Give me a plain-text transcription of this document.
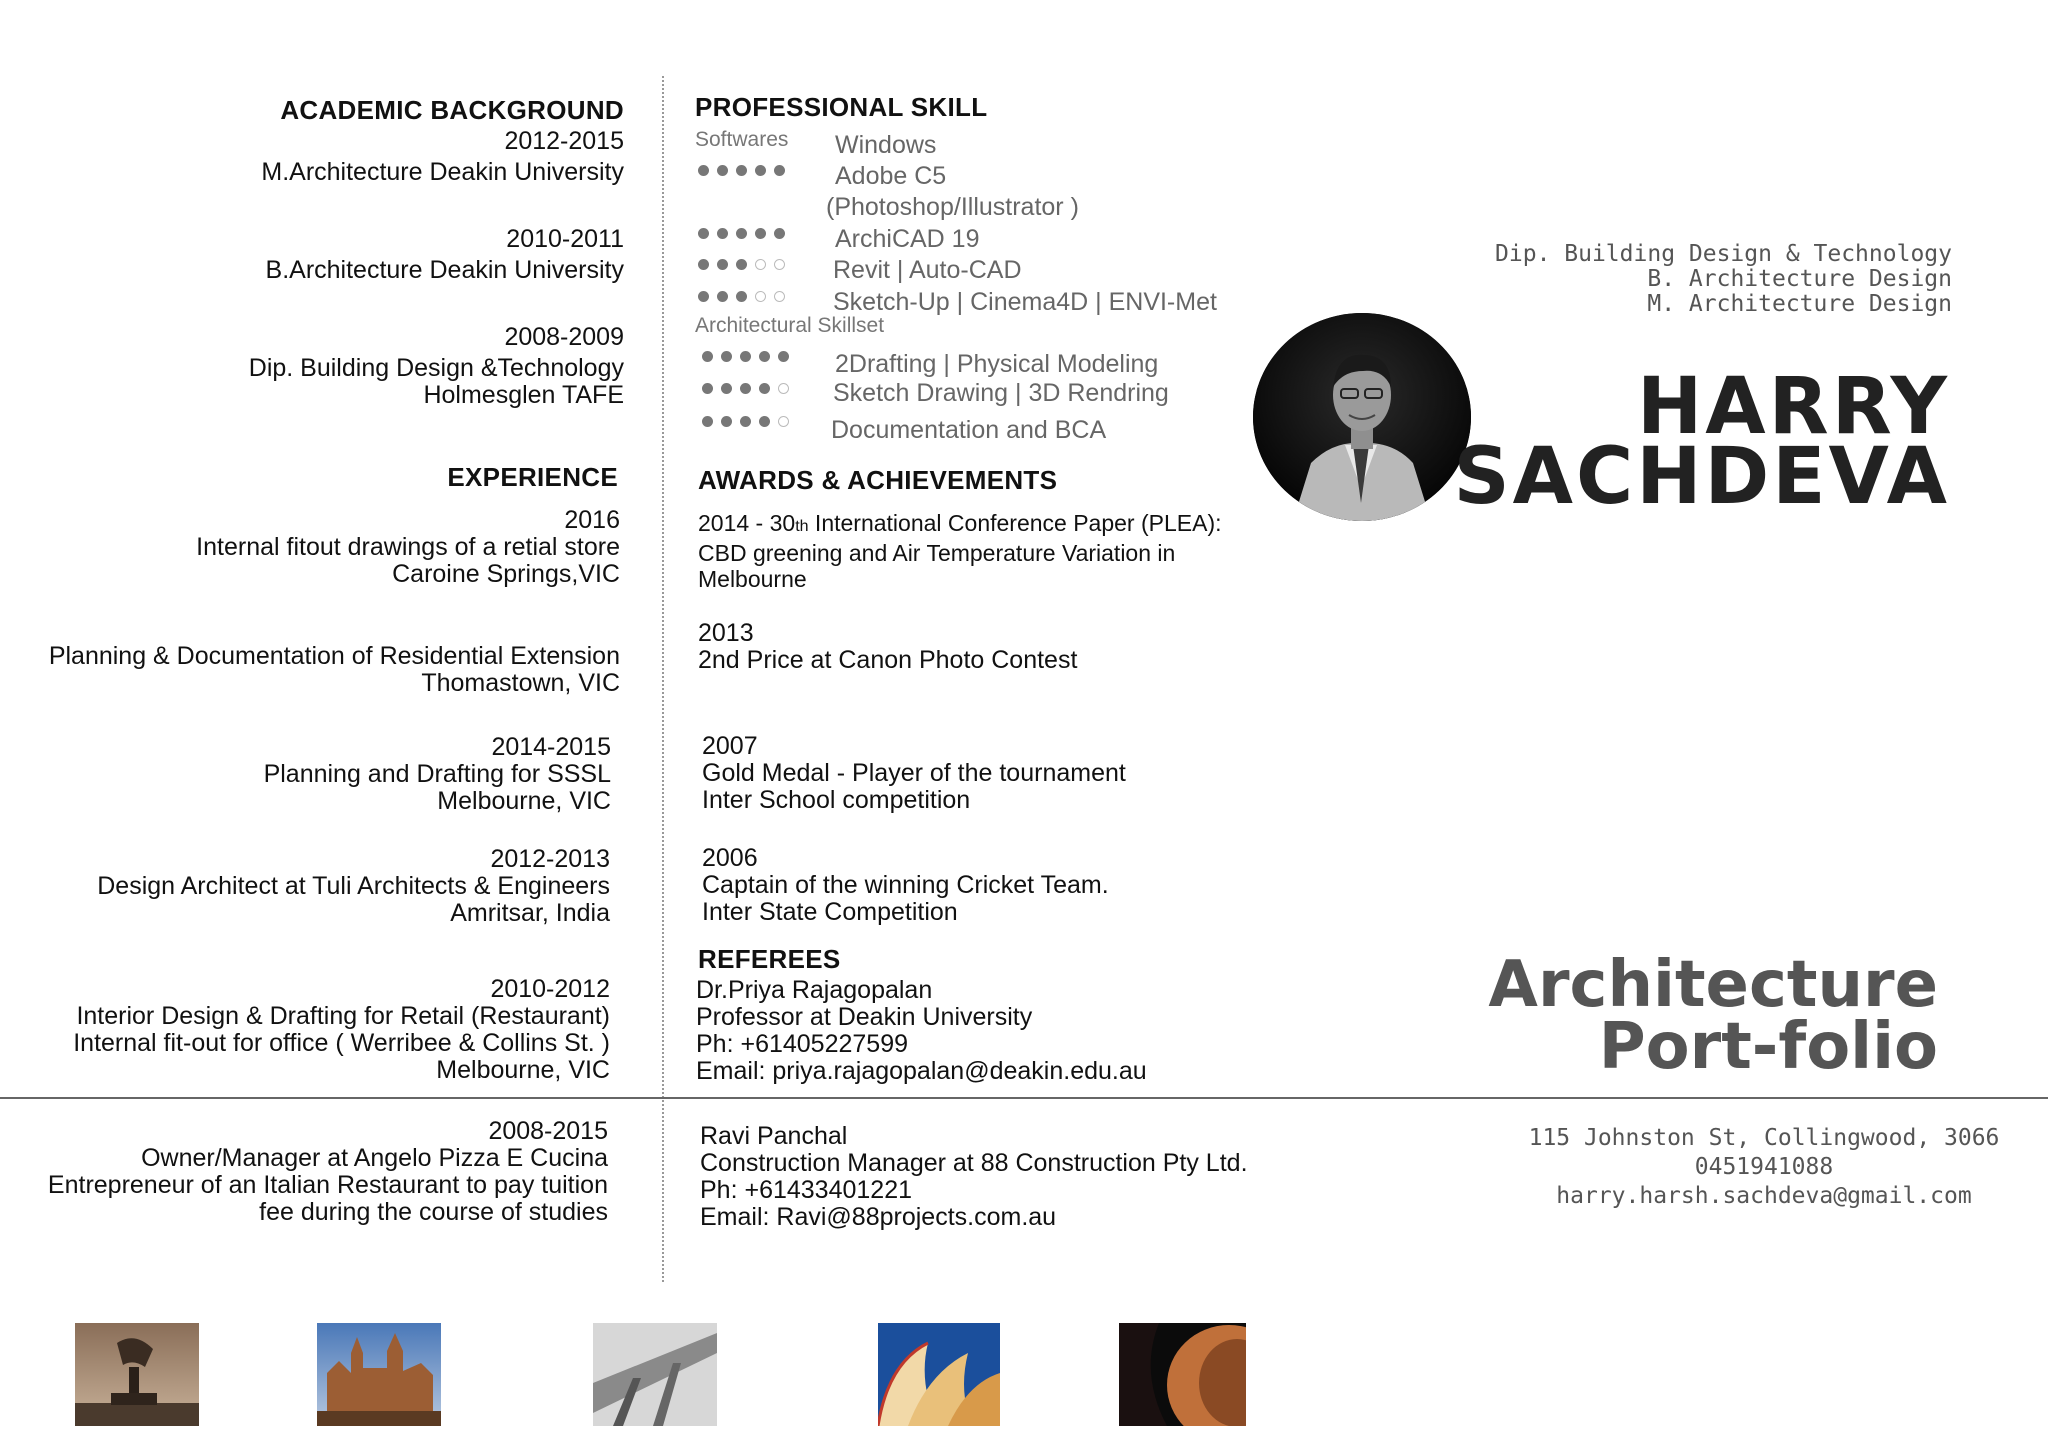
ACADEMIC BACKGROUND
2012-2015
M.Architecture Deakin University
2010-2011
B.Architecture Deakin University
2008-2009
Dip. Building Design &Technology
Holmesglen TAFE
EXPERIENCE
2016
Internal fitout drawings of a retial store
Caroine Springs,VIC
Planning & Documentation of Residential Extension
Thomastown, VIC
2014-2015
Planning and Drafting for SSSL
Melbourne, VIC
2012-2013
Design Architect at Tuli Architects & Engineers
Amritsar, India
2010-2012
Interior Design & Drafting for Retail (Restaurant)
Internal fit-out for office ( Werribee & Collins St. )
Melbourne, VIC
2008-2015
Owner/Manager at Angelo Pizza E Cucina
Entrepreneur of an Italian Restaurant to pay tuition
fee during the course of studies
PROFESSIONAL SKILL
Softwares Windows
Adobe C5
(Photoshop/Illustrator )
ArchiCAD 19
Revit | Auto-CAD
Sketch-Up | Cinema4D | ENVI-Met
Architectural Skillset
2Drafting | Physical Modeling
Sketch Drawing | 3D Rendring
Documentation and BCA
AWARDS & ACHIEVEMENTS
2014 - 30th International Conference Paper (PLEA):
CBD greening and Air Temperature Variation in
Melbourne
2013
2nd Price at Canon Photo Contest
2007
Gold Medal - Player of the tournament
Inter School competition
2006
Captain of the winning Cricket Team.
Inter State Competition
REFEREES
Dr.Priya Rajagopalan
Professor at Deakin University
Ph: +61405227599
Email: priya.rajagopalan@deakin.edu.au
Ravi Panchal
Construction Manager at 88 Construction Pty Ltd.
Ph: +61433401221
Email: Ravi@88projects.com.au
Dip. Building Design & Technology
B. Architecture Design
M. Architecture Design
HARRY
SACHDEVA
Architecture
Port-folio
115 Johnston St, Collingwood, 3066
0451941088
harry.harsh.sachdeva@gmail.com
